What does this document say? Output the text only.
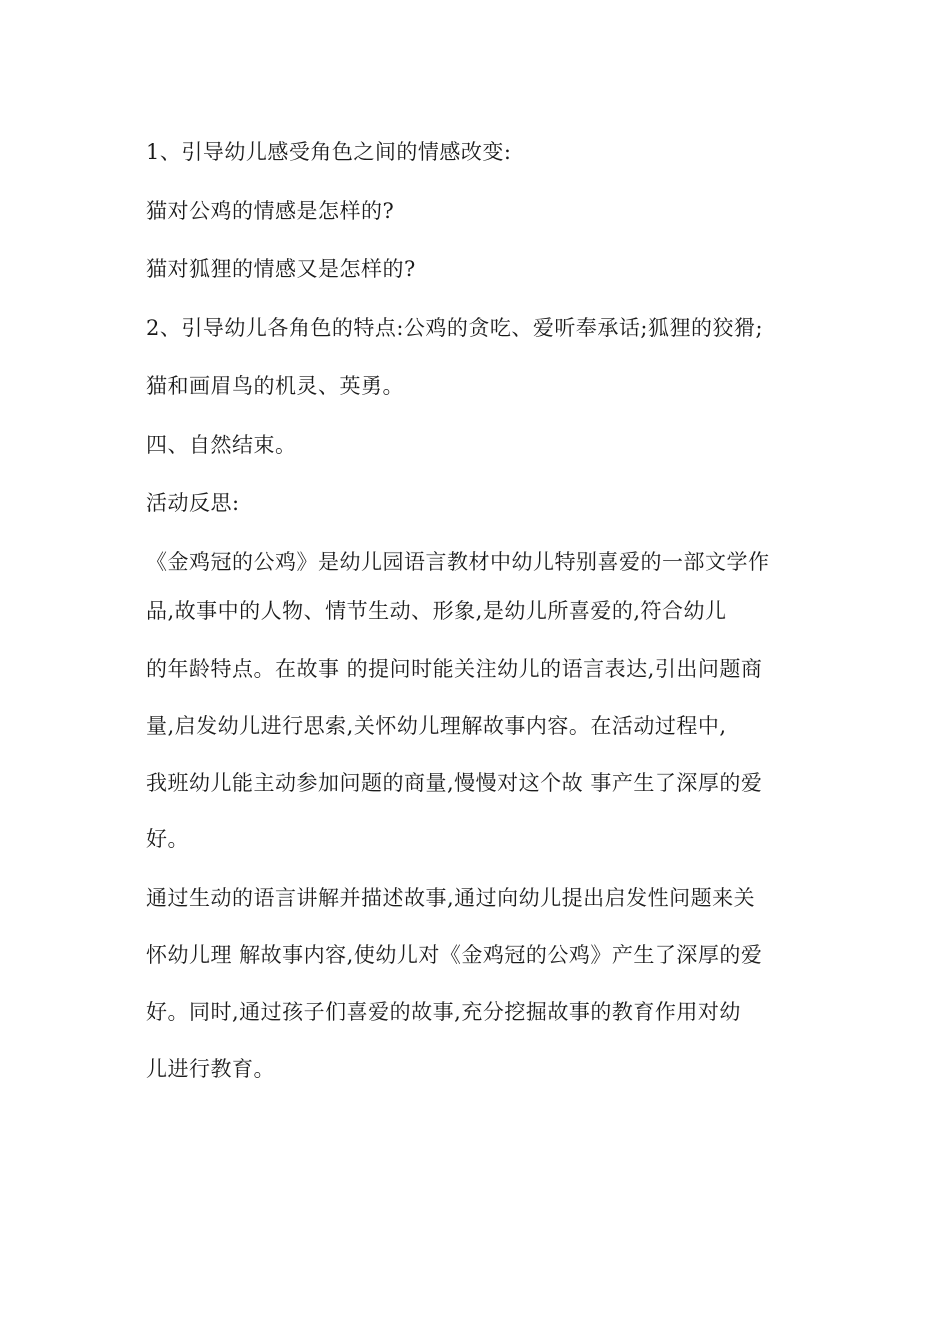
1、引导幼儿感受角色之间的情感改变:
猫对公鸡的情感是怎样的?
猫对狐狸的情感又是怎样的?
2、引导幼儿各角色的特点:公鸡的贪吃、爱听奉承话;狐狸的狡猾;
猫和画眉鸟的机灵、英勇。
四、自然结束。
活动反思:
《金鸡冠的公鸡》是幼儿园语言教材中幼儿特别喜爱的一部文学作
品,故事中的人物、情节生动、形象,是幼儿所喜爱的,符合幼儿
的年龄特点。在故事 的提问时能关注幼儿的语言表达,引出问题商
量,启发幼儿进行思索,关怀幼儿理解故事内容。在活动过程中,
我班幼儿能主动参加问题的商量,慢慢对这个故 事产生了深厚的爱
好。
通过生动的语言讲解并描述故事,通过向幼儿提出启发性问题来关
怀幼儿理 解故事内容,使幼儿对《金鸡冠的公鸡》产生了深厚的爱
好。同时,通过孩子们喜爱的故事,充分挖掘故事的教育作用对幼
儿进行教育。
